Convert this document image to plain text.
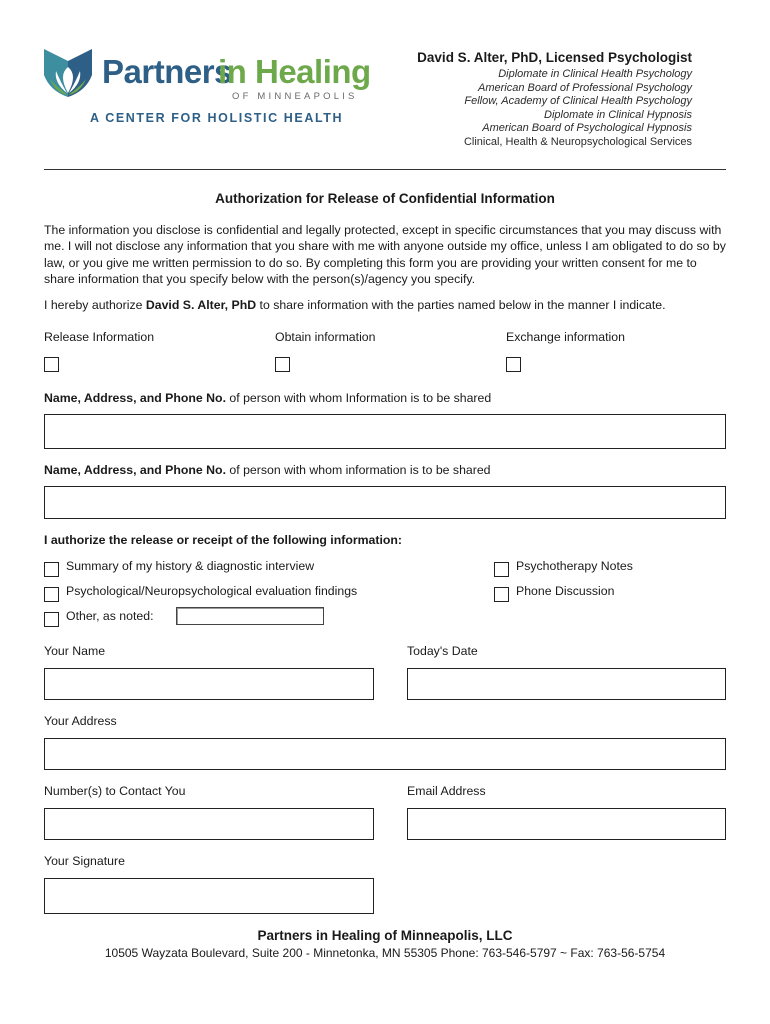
Partners
in Healing
OF MINNEAPOLIS
A CENTER FOR HOLISTIC HEALTH
David S. Alter, PhD, Licensed Psychologist
Diplomate in Clinical Health Psychology
American Board of Professional Psychology
Fellow, Academy of Clinical Health Psychology
Diplomate in Clinical Hypnosis
American Board of Psychological Hypnosis
Clinical, Health & Neuropsychological Services
Authorization for Release of Confidential Information
The information you disclose is confidential and legally protected, except in specific circumstances that you may discuss with me. I will not disclose any information that you share with me with anyone outside my office, unless I am obligated to do so by law, or you give me written permission to do so. By completing this form you are providing your written consent for me to share information that you specify below with the person(s)/agency you specify.
I hereby authorize David S. Alter, PhD to share information with the parties named below in the manner I indicate.
Release Information	Obtain information	Exchange information
Name, Address, and Phone No. of person with whom Information is to be shared
Name, Address, and Phone No. of person with whom information is to be shared
I authorize the release or receipt of the following information:
Summary of my history & diagnostic interview	Psychotherapy Notes
Psychological/Neuropsychological evaluation findings	Phone Discussion
Other, as noted:
Your Name	Today's Date
Your Address
Number(s) to Contact You	Email Address
Your Signature
Partners in Healing of Minneapolis, LLC
10505 Wayzata Boulevard, Suite 200 - Minnetonka, MN 55305 Phone: 763-546-5797 ~ Fax: 763-56-5754
